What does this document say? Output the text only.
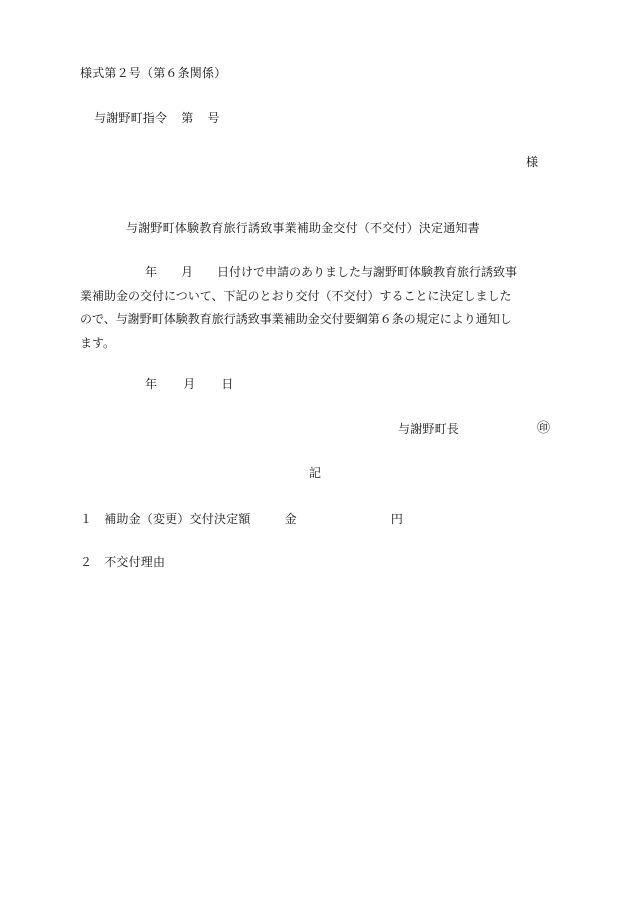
様式第２号（第６条関係）
与謝野町指令 第 号
様
与謝野町体験教育旅行誘致事業補助金交付（不交付）決定通知書
年　　月　　日付けで申請のありました与謝野町体験教育旅行誘致事
業補助金の交付について、下記のとおり交付（不交付）することに決定しました
ので、与謝野町体験教育旅行誘致事業補助金交付要綱第６条の規定により通知し
ます。
年 月 日
与謝野町長	㊞
記
１ 補助金（変更）交付決定額	金	円
２ 不交付理由
